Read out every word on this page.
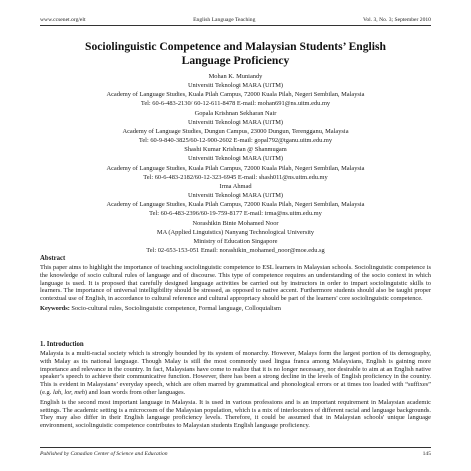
www.ccsenet.org/elt	English Language Teaching	Vol. 3, No. 3; September 2010
Sociolinguistic Competence and Malaysian Students’ English
Language Proficiency
Mohan K. Muniandy
Universiti Teknologi MARA (UiTM)
Academy of Language Studies, Kuala Pilah Campus, 72000 Kuala Pilah, Negeri Sembilan, Malaysia
Tel: 60-6-483-2130/ 60-12-611-8478 E-mail: mohan691@ns.uitm.edu.my
Gopala Krishnan Sekharan Nair
Universiti Teknologi MARA (UiTM)
Academy of Language Studies, Dungun Campus, 23000 Dungun, Terengganu, Malaysia
Tel: 60-9-840-3825/60-12-900-2602 E-mail: gopal792@tganu.uitm.edu.my
Shashi Kumar Krishnan @ Shanmugam
Universiti Teknologi MARA (UiTM)
Academy of Language Studies, Kuala Pilah Campus, 72000 Kuala Pilah, Negeri Sembilan, Malaysia
Tel: 60-6-483-2182/60-12-323-6945 E-mail: shash011@ns.uitm.edu.my
Irma Ahmad
Universiti Teknologi MARA (UiTM)
Academy of Language Studies, Kuala Pilah Campus, 72000 Kuala Pilah, Negeri Sembilan, Malaysia
Tel: 60-6-483-2396/60-19-759-8177 E-mail: irma@ns.uitm.edu.my
Norashikin Binte Mohamed Noor
MA (Applied Linguistics) Nanyang Technological University
Ministry of Education Singapore
Tel: 02-653-153-051 Email: norashikin_mohamed_noor@moe.edu.sg
Abstract
This paper aims to highlight the importance of teaching sociolinguistic competence to ESL learners in Malaysian schools. Sociolinguistic competence is the knowledge of socio cultural rules of language and of discourse. This type of competence requires an understanding of the socio context in which language is used. It is proposed that carefully designed language activities be carried out by instructors in order to impart sociolinguistic skills to learners. The importance of universal intelligibility should be stressed, as opposed to native accent. Furthermore students should also be taught proper contextual use of English, in accordance to cultural reference and cultural appropriacy should be part of the learners' core sociolinguistic competence.
Keywords: Socio-cultural rules, Sociolinguistic competence, Formal language, Colloquialism
1. Introduction
Malaysia is a multi-racial society which is strongly bounded by its system of monarchy. However, Malays form the largest portion of its demography, with Malay as its national language. Though Malay is still the most commonly used lingua franca among Malaysians, English is gaining more importance and relevance in the country. In fact, Malaysians have come to realize that it is no longer necessary, nor desirable to aim at an English native speaker’s speech to achieve their communicative function. However, there has been a strong decline in the levels of English proficiency in the country. This is evident in Malaysians’ everyday speech, which are often marred by grammatical and phonological errors or at times too loaded with “suffixes” (e.g. lah, lor, meh) and loan words from other languages.
English is the second most important language in Malaysia. It is used in various professions and is an important requirement in Malaysian academic settings. The academic setting is a microcosm of the Malaysian population, which is a mix of interlocutors of different racial and language backgrounds. They may also differ in their English language proficiency levels. Therefore, it could be assumed that in Malaysian schools' unique language environment, sociolinguistic competence contributes to Malaysian students English language proficiency.
Published by Canadian Center of Science and Education	145
